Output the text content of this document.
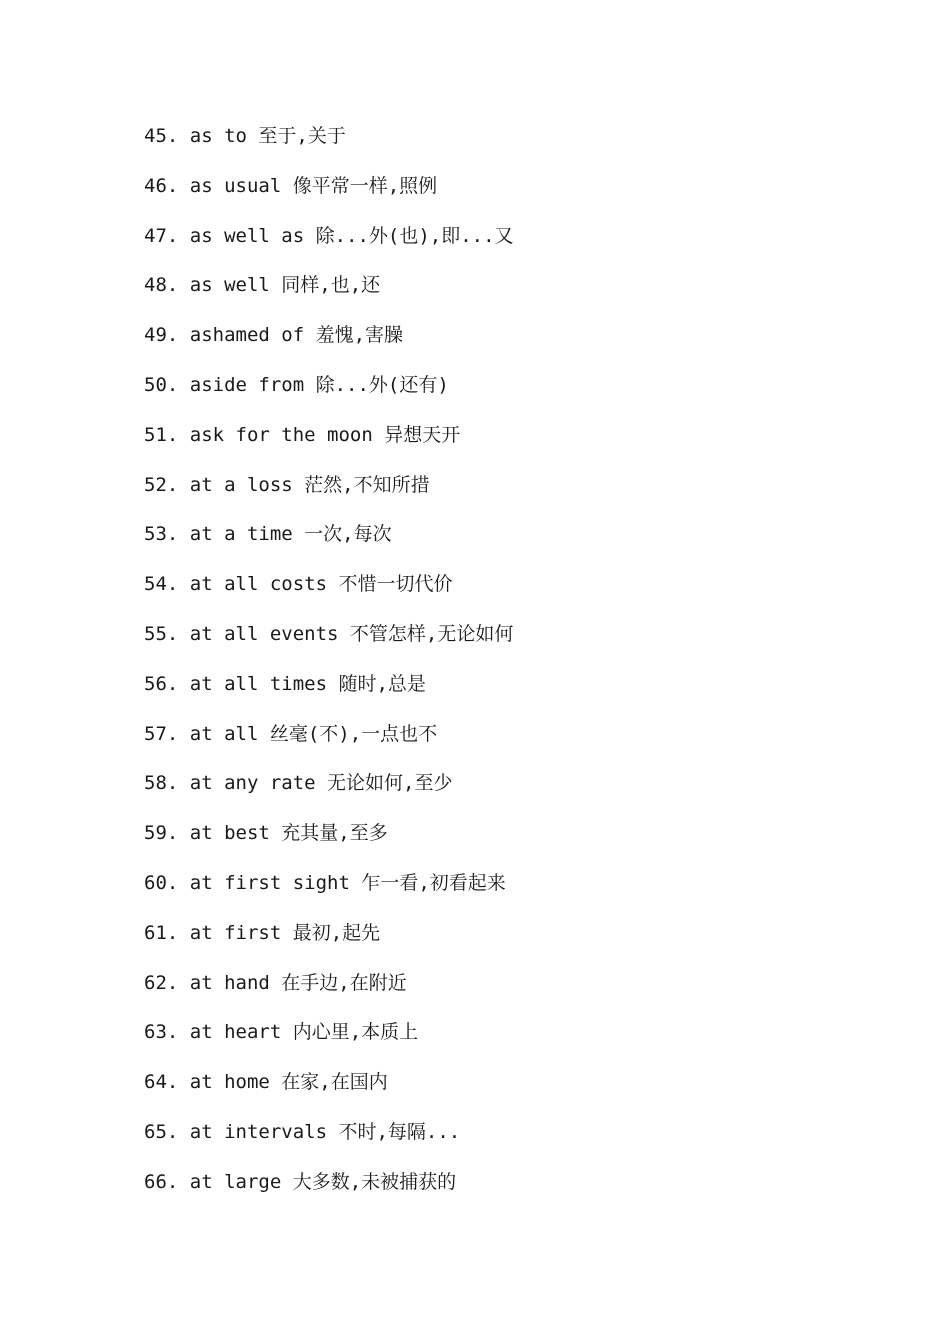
45. as to 至于,关于
46. as usual 像平常一样,照例
47. as well as 除...外(也),即...又
48. as well 同样,也,还
49. ashamed of 羞愧,害臊
50. aside from 除...外(还有)
51. ask for the moon 异想天开
52. at a loss 茫然,不知所措
53. at a time 一次,每次
54. at all costs 不惜一切代价
55. at all events 不管怎样,无论如何
56. at all times 随时,总是
57. at all 丝毫(不),一点也不
58. at any rate 无论如何,至少
59. at best 充其量,至多
60. at first sight 乍一看,初看起来
61. at first 最初,起先
62. at hand 在手边,在附近
63. at heart 内心里,本质上
64. at home 在家,在国内
65. at intervals 不时,每隔...
66. at large 大多数,未被捕获的
